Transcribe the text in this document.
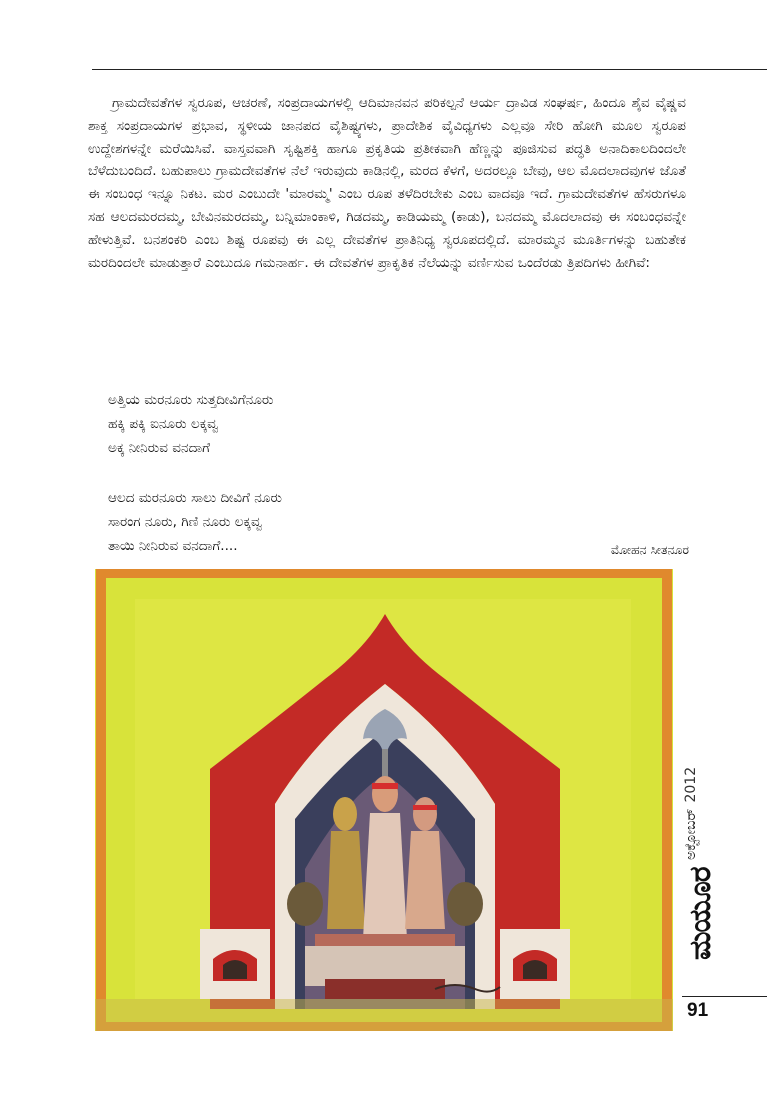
ಗ್ರಾಮದೇವತೆಗಳ ಸ್ವರೂಪ, ಆಚರಣೆ, ಸಂಪ್ರದಾಯಗಳಲ್ಲಿ ಆದಿಮಾನವನ ಪರಿಕಲ್ಪನೆ ಆರ್ಯ ದ್ರಾವಿಡ ಸಂಘರ್ಷ, ಹಿಂದೂ ಶೈವ ವೈಷ್ಣವ ಶಾಕ್ತ ಸಂಪ್ರದಾಯಗಳ ಪ್ರಭಾವ, ಸ್ಥಳೀಯ ಜಾನಪದ ವೈಶಿಷ್ಟ್ಯಗಳು, ಪ್ರಾದೇಶಿಕ ವೈವಿಧ್ಯಗಳು ಎಲ್ಲವೂ ಸೇರಿ ಹೋಗಿ ಮೂಲ ಸ್ವರೂಪ ಉದ್ದೇಶಗಳನ್ನೇ ಮರೆಯಿಸಿವೆ. ವಾಸ್ತವವಾಗಿ ಸೃಷ್ಟಿಶಕ್ತಿ ಹಾಗೂ ಪ್ರಕೃತಿಯ ಪ್ರತೀಕವಾಗಿ ಹೆಣ್ಣನ್ನು ಪೂಜಿಸುವ ಪದ್ಧತಿ ಅನಾದಿಕಾಲದಿಂದಲೇ ಬೆಳೆದುಬಂದಿದೆ. ಬಹುಪಾಲು ಗ್ರಾಮದೇವತೆಗಳ ನೆಲೆ ಇರುವುದು ಕಾಡಿನಲ್ಲಿ, ಮರದ ಕೆಳಗೆ, ಅದರಲ್ಲೂ ಬೇವು, ಆಲ ಮೊದಲಾದವುಗಳ ಜೊತೆ ಈ ಸಂಬಂಧ ಇನ್ನೂ ನಿಕಟ. ಮರ ಎಂಬುದೇ 'ಮಾರಮ್ಮ' ಎಂಬ ರೂಪ ತಳೆದಿರಬೇಕು ಎಂಬ ವಾದವೂ ಇದೆ. ಗ್ರಾಮದೇವತೆಗಳ ಹೆಸರುಗಳೂ ಸಹ ಆಲದಮರದಮ್ಮ, ಬೇವಿನಮರದಮ್ಮ, ಬನ್ನಿಮಾಂಕಾಳಿ, ಗಿಡದಮ್ಮ, ಕಾಡಿಯಮ್ಮ (ಕಾಡು), ಬನದಮ್ಮ ಮೊದಲಾದವು ಈ ಸಂಬಂಧವನ್ನೇ ಹೇಳುತ್ತಿವೆ. ಬನಶಂಕರಿ ಎಂಬ ಶಿಷ್ಟ ರೂಪವು ಈ ಎಲ್ಲ ದೇವತೆಗಳ ಪ್ರಾತಿನಿಧ್ಯ ಸ್ವರೂಪದಲ್ಲಿದೆ. ಮಾರಮ್ಮನ ಮೂರ್ತಿಗಳನ್ನು ಬಹುತೇಕ ಮರದಿಂದಲೇ ಮಾಡುತ್ತಾರೆ ಎಂಬುದೂ ಗಮನಾರ್ಹ. ಈ ದೇವತೆಗಳ ಪ್ರಾಕೃತಿಕ ನೆಲೆಯನ್ನು ವರ್ಣಿಸುವ ಒಂದೆರಡು ತ್ರಿಪದಿಗಳು ಹೀಗಿವೆ:

ಅತ್ತಿಯ ಮರನೂರು ಸುತ್ತದೀವಿಗೆನೂರು
ಹಕ್ಕಿ ಪಕ್ಕಿ ಐನೂರು ಲಕ್ಕವ್ವ
ಅಕ್ಕ ನೀನಿರುವ ವನದಾಗೆ
ಆಲದ ಮರನೂರು ಸಾಲು ದೀವಿಗೆ ನೂರು
ಸಾರಂಗ ನೂರು, ಗಿಣಿ ನೂರು ಲಕ್ಕವ್ವ
ತಾಯಿ ನೀನಿರುವ ವನದಾಗೆ....	ಮೋಹನ ಸೀತನೂರ
ಅಕ್ಟೋಬರ್2012
ಮಯೂರ
91
